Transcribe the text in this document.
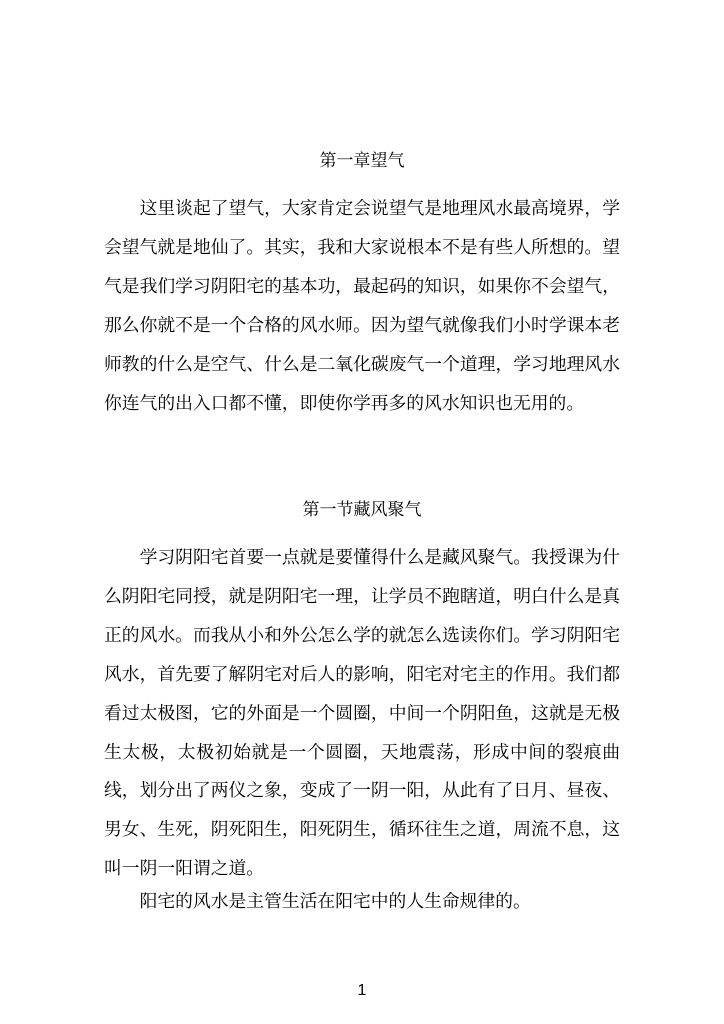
第一章望气

这里谈起了望气，大家肯定会说望气是地理风水最高境界，学会望气就是地仙了。其实，我和大家说根本不是有些人所想的。望气是我们学习阴阳宅的基本功，最起码的知识，如果你不会望气，那么你就不是一个合格的风水师。因为望气就像我们小时学课本老师教的什么是空气、什么是二氧化碳废气一个道理，学习地理风水你连气的出入口都不懂，即使你学再多的风水知识也无用的。

第一节藏风聚气

学习阴阳宅首要一点就是要懂得什么是藏风聚气。我授课为什么阴阳宅同授，就是阴阳宅一理，让学员不跑瞎道，明白什么是真正的风水。而我从小和外公怎么学的就怎么选读你们。学习阴阳宅风水，首先要了解阴宅对后人的影响，阳宅对宅主的作用。我们都看过太极图，它的外面是一个圆圈，中间一个阴阳鱼，这就是无极生太极，太极初始就是一个圆圈，天地震荡，形成中间的裂痕曲线，划分出了两仪之象，变成了一阴一阳，从此有了日月、昼夜、男女、生死，阴死阳生，阳死阴生，循环往生之道，周流不息，这叫一阴一阳谓之道。

阳宅的风水是主管生活在阳宅中的人生命规律的。

1
